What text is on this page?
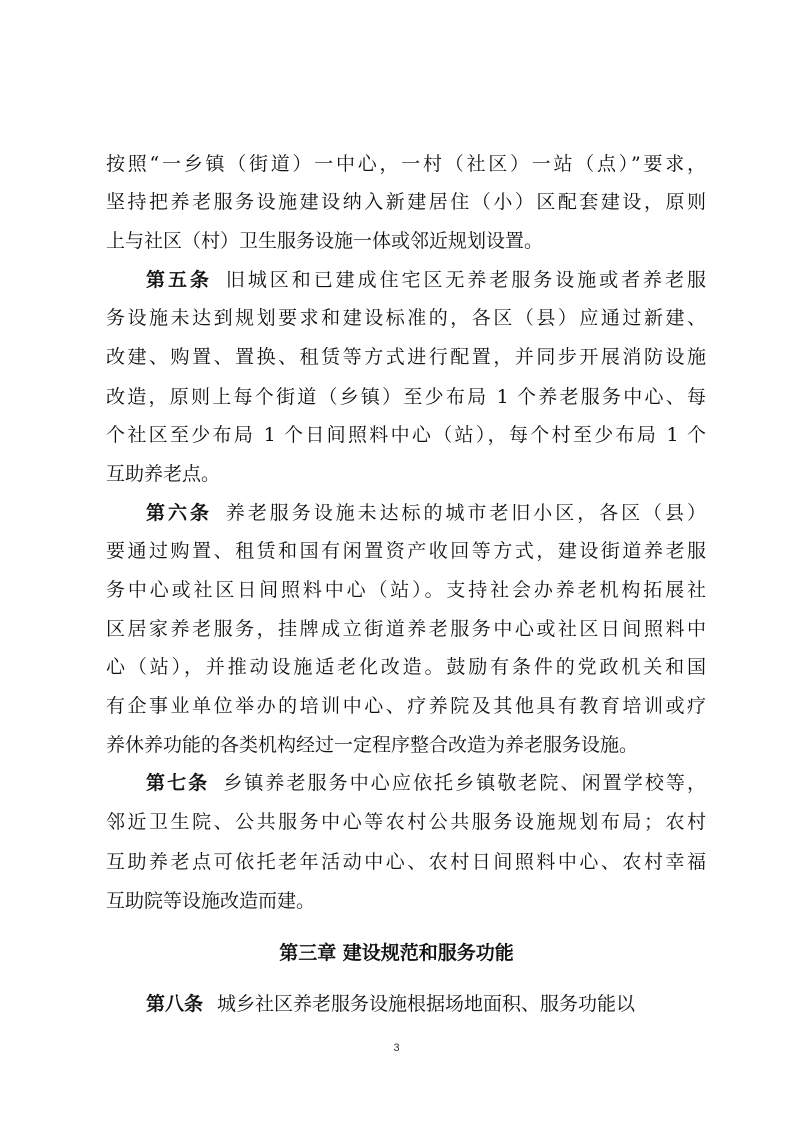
按照“一乡镇（街道）一中心，一村（社区）一站（点）”要求，
坚持把养老服务设施建设纳入新建居住（小）区配套建设，原则
上与社区（村）卫生服务设施一体或邻近规划设置。
第五条 旧城区和已建成住宅区无养老服务设施或者养老服
务设施未达到规划要求和建设标准的，各区（县）应通过新建、
改建、购置、置换、租赁等方式进行配置，并同步开展消防设施
改造，原则上每个街道（乡镇）至少布局 1 个养老服务中心、每
个社区至少布局 1 个日间照料中心（站），每个村至少布局 1 个
互助养老点。
第六条 养老服务设施未达标的城市老旧小区，各区（县）
要通过购置、租赁和国有闲置资产收回等方式，建设街道养老服
务中心或社区日间照料中心（站）。支持社会办养老机构拓展社
区居家养老服务，挂牌成立街道养老服务中心或社区日间照料中
心（站），并推动设施适老化改造。鼓励有条件的党政机关和国
有企事业单位举办的培训中心、疗养院及其他具有教育培训或疗
养休养功能的各类机构经过一定程序整合改造为养老服务设施。
第七条 乡镇养老服务中心应依托乡镇敬老院、闲置学校等，
邻近卫生院、公共服务中心等农村公共服务设施规划布局；农村
互助养老点可依托老年活动中心、农村日间照料中心、农村幸福
互助院等设施改造而建。
第三章 建设规范和服务功能
第八条 城乡社区养老服务设施根据场地面积、服务功能以
3
